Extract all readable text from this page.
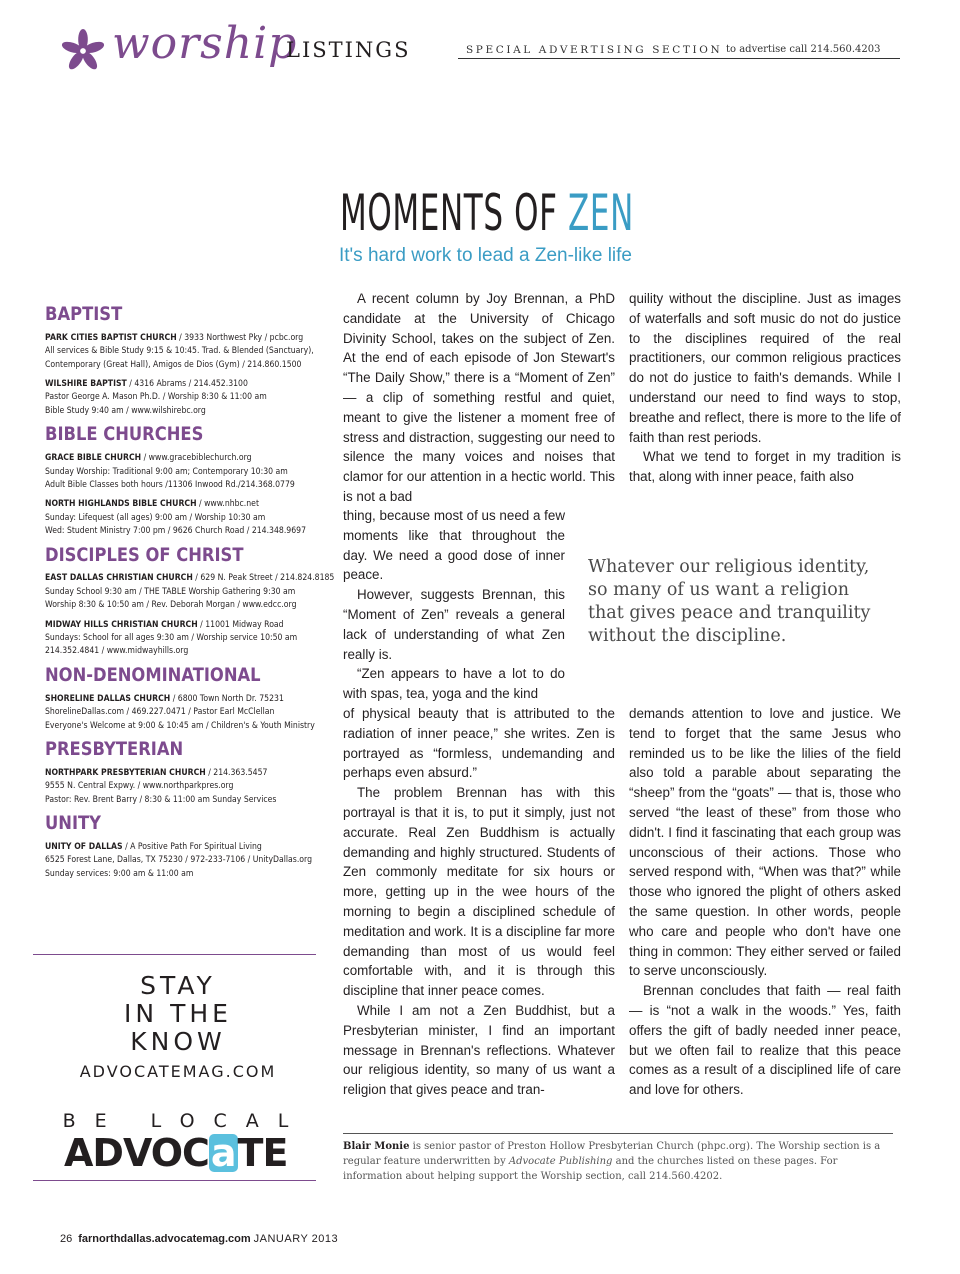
worship
LISTINGS	SPECIAL ADVERTISING SECTION to advertise call 214.560.4203
BAPTIST
PARK CITIES BAPTIST CHURCH / 3933 Northwest Pky / pcbc.org
All services & Bible Study 9:15 & 10:45. Trad. & Blended (Sanctuary),
Contemporary (Great Hall), Amigos de Dios (Gym) / 214.860.1500
WILSHIRE BAPTIST / 4316 Abrams / 214.452.3100
Pastor George A. Mason Ph.D. / Worship 8:30 & 11:00 am
Bible Study 9:40 am / www.wilshirebc.org
BIBLE CHURCHES
GRACE BIBLE CHURCH / www.gracebiblechurch.org
Sunday Worship: Traditional 9:00 am; Contemporary 10:30 am
Adult Bible Classes both hours /11306 Inwood Rd./214.368.0779
NORTH HIGHLANDS BIBLE CHURCH / www.nhbc.net
Sunday: Lifequest (all ages) 9:00 am / Worship 10:30 am
Wed: Student Ministry 7:00 pm / 9626 Church Road / 214.348.9697
DISCIPLES OF CHRIST
EAST DALLAS CHRISTIAN CHURCH / 629 N. Peak Street / 214.824.8185
Sunday School 9:30 am / THE TABLE Worship Gathering 9:30 am
Worship 8:30 & 10:50 am / Rev. Deborah Morgan / www.edcc.org
MIDWAY HILLS CHRISTIAN CHURCH / 11001 Midway Road
Sundays: School for all ages 9:30 am / Worship service 10:50 am
214.352.4841 / www.midwayhills.org
NON-DENOMINATIONAL
SHORELINE DALLAS CHURCH / 6800 Town North Dr. 75231
ShorelineDallas.com / 469.227.0471 / Pastor Earl McClellan
Everyone's Welcome at 9:00 & 10:45 am / Children's & Youth Ministry
PRESBYTERIAN
NORTHPARK PRESBYTERIAN CHURCH / 214.363.5457
9555 N. Central Expwy. / www.northparkpres.org
Pastor: Rev. Brent Barry / 8:30 & 11:00 am Sunday Services
UNITY
UNITY OF DALLAS / A Positive Path For Spiritual Living
6525 Forest Lane, Dallas, TX 75230 / 972-233-7106 / UnityDallas.org
Sunday services: 9:00 am & 11:00 am
STAY
IN THE
KNOW
ADVOCATEMAG.COM
BE LOCAL
ADVOCaTE
MOMENTS OF ZEN
It's hard work to lead a Zen-like life

A recent column by Joy Brennan, a PhD candidate at the University of Chicago Divinity School, takes on the subject of Zen. At the end of each episode of Jon Stewart's “The Daily Show,” there is a “Moment of Zen” — a clip of something restful and quiet, meant to give the listener a moment free of stress and distraction, suggesting our need to silence the many voices and noises that clamor for our attention in a hectic world. This is not a bad

thing, because most of us need a few moments like that throughout the day. We need a good dose of inner peace.

However, suggests Brennan, this “Moment of Zen” reveals a general lack of understanding of what Zen really is.

“Zen appears to have a lot to do with spas, tea, yoga and the kind

of physical beauty that is attributed to the radiation of inner peace,” she writes. Zen is portrayed as “formless, undemanding and perhaps even absurd.”

The problem Brennan has with this portrayal is that it is, to put it simply, just not accurate. Real Zen Buddhism is actually demanding and highly structured. Students of Zen commonly meditate for six hours or more, getting up in the wee hours of the morning to begin a disciplined schedule of meditation and work. It is a discipline far more demanding than most of us would feel comfortable with, and it is through this discipline that inner peace comes.

While I am not a Zen Buddhist, but a Presbyterian minister, I find an important message in Brennan's reflections. Whatever our religious identity, so many of us want a religion that gives peace and tran-

quility without the discipline. Just as images of waterfalls and soft music do not do justice to the disciplines required of the real practitioners, our common religious practices do not do justice to faith's demands. While I understand our need to find ways to stop, breathe and reflect, there is more to the life of faith than rest periods.

What we tend to forget in my tradition is that, along with inner peace, faith also

Whatever our religious identity, so many of us want a religion that gives peace and tranquility without the discipline.

demands attention to love and justice. We tend to forget that the same Jesus who reminded us to be like the lilies of the field also told a parable about separating the “sheep” from the “goats” — that is, those who served “the least of these” from those who didn't. I find it fascinating that each group was unconscious of their actions. Those who served respond with, “When was that?” while those who ignored the plight of others asked the same question. In other words, people who care and people who don't have one thing in common: They either served or failed to serve unconsciously.

Brennan concludes that faith — real faith — is “not a walk in the woods.” Yes, faith offers the gift of badly needed inner peace, but we often fail to realize that this peace comes as a result of a disciplined life of care and love for others.

Blair Monie is senior pastor of Preston Hollow Presbyterian Church (phpc.org). The Worship section is a regular feature underwritten by Advocate Publishing and the churches listed on these pages. For information about helping support the Worship section, call 214.560.4202.
26 farnorthdallas.advocatemag.com JANUARY 2013
